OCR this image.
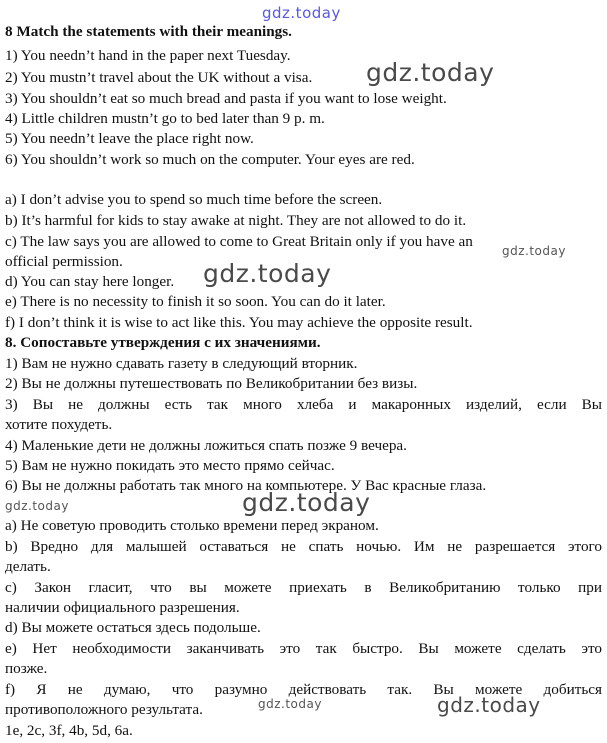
gdz.today
8 Match the statements with their meanings.
1) You needn’t hand in the paper next Tuesday.
2) You mustn’t travel about the UK without a visa.
3) You shouldn’t eat so much bread and pasta if you want to lose weight.
4) Little children mustn’t go to bed later than 9 p. m.
5) You needn’t leave the place right now.
6) You shouldn’t work so much on the computer. Your eyes are red.
a) I don’t advise you to spend so much time before the screen.
b) It’s harmful for kids to stay awake at night. They are not allowed to do it.
c) The law says you are allowed to come to Great Britain only if you have an
official permission.
d) You can stay here longer.
e) There is no necessity to finish it so soon. You can do it later.
f) I don’t think it is wise to act like this. You may achieve the opposite result.
8. Сопоставьте утверждения с их значениями.
1) Вам не нужно сдавать газету в следующий вторник.
2) Вы не должны путешествовать по Великобритании без визы.
3) Вы не должны есть так много хлеба и макаронных изделий, если Вы
хотите похудеть.
4) Маленькие дети не должны ложиться спать позже 9 вечера.
5) Вам не нужно покидать это место прямо сейчас.
6) Вы не должны работать так много на компьютере. У Вас красные глаза.
а) Не советую проводить столько времени перед экраном.
b) Вредно для малышей оставаться не спать ночью. Им не разрешается этого
делать.
c) Закон гласит, что вы можете приехать в Великобританию только при
наличии официального разрешения.
d) Вы можете остаться здесь подольше.
e) Нет необходимости заканчивать это так быстро. Вы можете сделать это
позже.
f) Я не думаю, что разумно действовать так. Вы можете добиться
противоположного результата.
1e, 2c, 3f, 4b, 5d, 6a.
gdz.today
gdz.today
gdz.today
gdz.today
gdz.today
gdz.today	gdz.today
